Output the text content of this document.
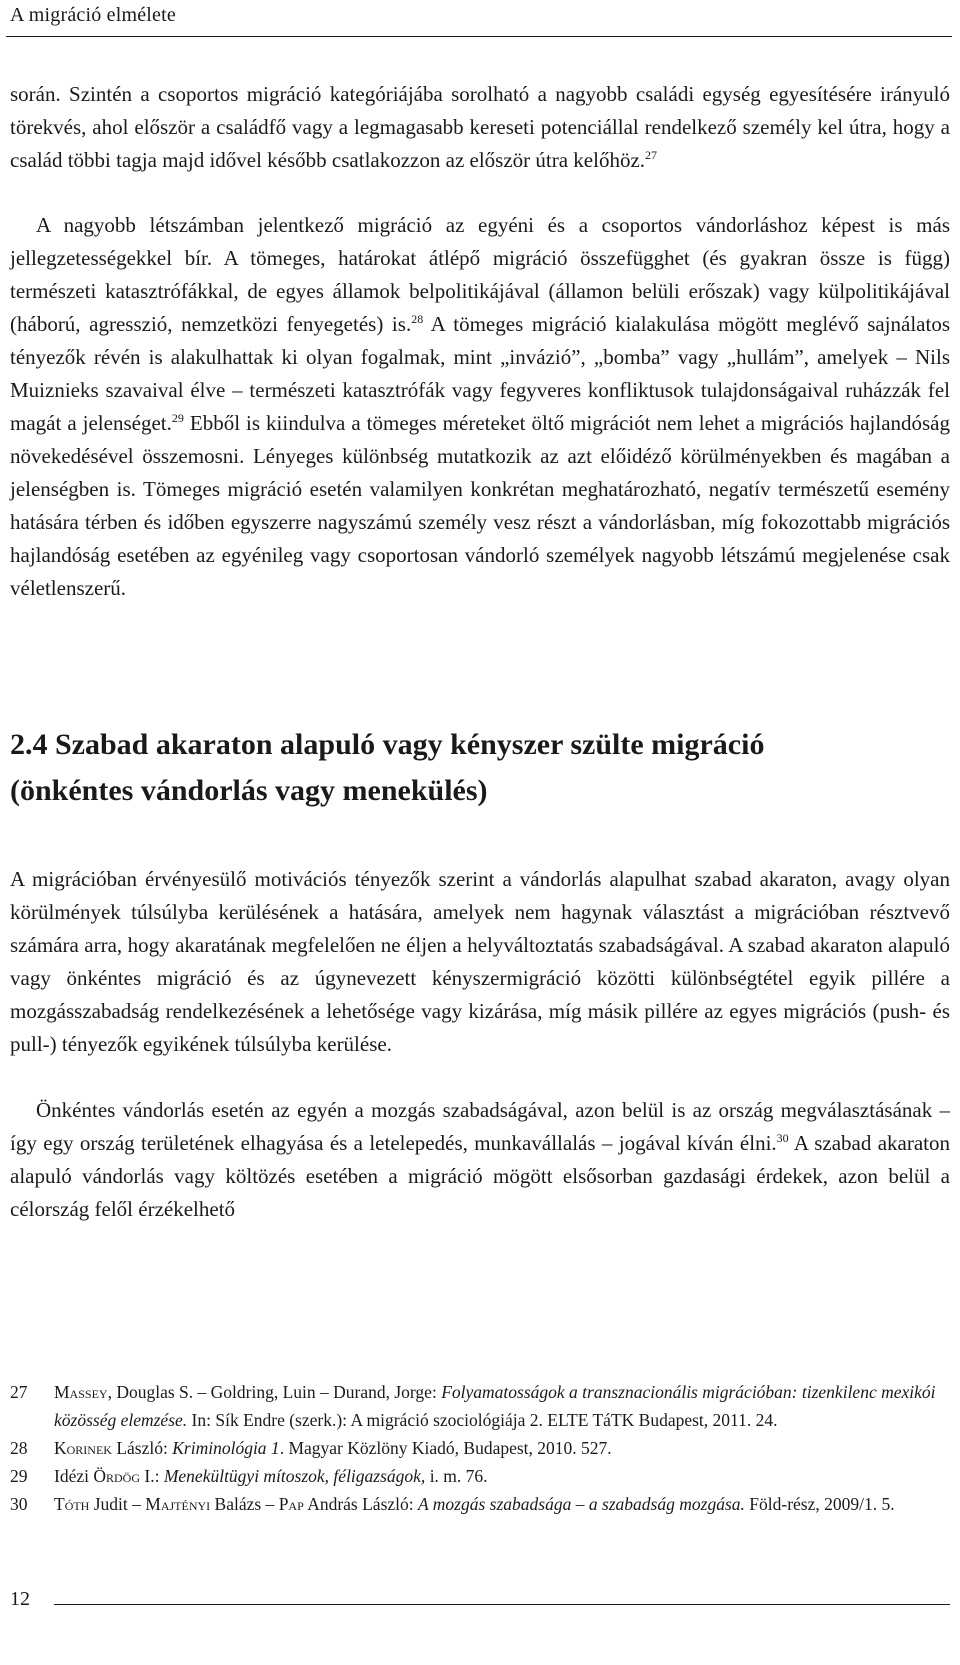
A migráció elmélete

során. Szintén a csoportos migráció kategóriájába sorolható a nagyobb családi egység egyesítésére irányuló törekvés, ahol először a családfő vagy a legmagasabb kereseti potenciállal rendelkező személy kel útra, hogy a család többi tagja majd idővel később csatlakozzon az először útra kelőhöz.$^{27}$

A nagyobb létszámban jelentkező migráció az egyéni és a csoportos vándorláshoz képest is más jellegzetességekkel bír. A tömeges, határokat átlépő migráció összefügghet (és gyakran össze is függ) természeti katasztrófákkal, de egyes államok belpolitikájával (államon belüli erőszak) vagy külpolitikájával (háború, agresszió, nemzetközi fenyegetés) is.$^{28}$ A tömeges migráció kialakulása mögött meglévő sajnálatos tényezők révén is alakulhattak ki olyan fogalmak, mint „invázió”, „bomba” vagy „hullám”, amelyek – Nils Muiznieks szavaival élve – természeti katasztrófák vagy fegyveres konfliktusok tulajdonságaival ruházzák fel magát a jelenséget.$^{29}$ Ebből is kiindulva a tömeges méreteket öltő migrációt nem lehet a migrációs hajlandóság növekedésével összemosni. Lényeges különbség mutatkozik az azt előidéző körülményekben és magában a jelenségben is. Tömeges migráció esetén valamilyen konkrétan meghatározható, negatív természetű esemény hatására térben és időben egyszerre nagyszámú személy vesz részt a vándorlásban, míg fokozottabb migrációs hajlandóság esetében az egyénileg vagy csoportosan vándorló személyek nagyobb létszámú megjelenése csak véletlenszerű.

2.4 Szabad akaraton alapuló vagy kényszer szülte migráció
(önkéntes vándorlás vagy menekülés)

A migrációban érvényesülő motivációs tényezők szerint a vándorlás alapulhat szabad akaraton, avagy olyan körülmények túlsúlyba kerülésének a hatására, amelyek nem hagynak választást a migrációban résztvevő számára arra, hogy akaratának megfelelően ne éljen a helyváltoztatás szabadságával. A szabad akaraton alapuló vagy önkéntes migráció és az úgynevezett kényszermigráció közötti különbségtétel egyik pillére a mozgásszabadság rendelkezésének a lehetősége vagy kizárása, míg másik pillére az egyes migrációs (push- és pull-) tényezők egyikének túlsúlyba kerülése.

Önkéntes vándorlás esetén az egyén a mozgás szabadságával, azon belül is az ország megválasztásának – így egy ország területének elhagyása és a letelepedés, munkavállalás – jogával kíván élni.$^{30}$ A szabad akaraton alapuló vándorlás vagy költözés esetében a migráció mögött elsősorban gazdasági érdekek, azon belül a célország felől érzékelhető

27 Massey, Douglas S. – Goldring, Luin – Durand, Jorge: Folyamatosságok a transznacionális migrációban: tizenkilenc mexikói közösség elemzése. In: Sík Endre (szerk.): A migráció szociológiája 2. ELTE TáTK Budapest, 2011. 24.

28 Korinek László: Kriminológia 1. Magyar Közlöny Kiadó, Budapest, 2010. 527.

29 Idézi Ördög I.: Menekültügyi mítoszok, féligazságok, i. m. 76.

30 Tóth Judit – Majtényi Balázs – Pap András László: A mozgás szabadsága – a szabadság mozgása. Föld-rész, 2009/1. 5.

12
